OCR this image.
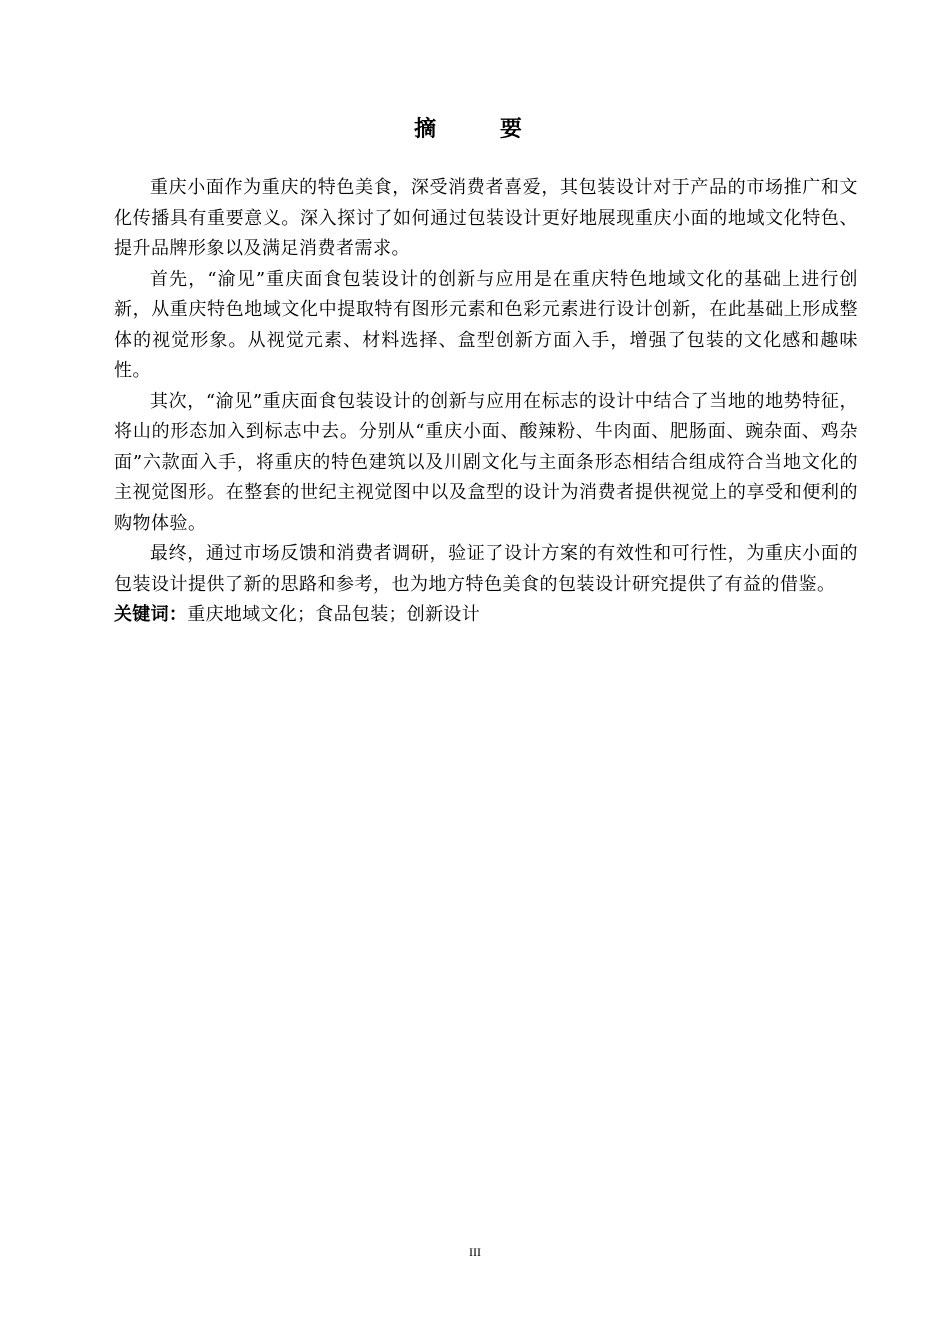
摘 要

重庆小面作为重庆的特色美食，深受消费者喜爱，其包装设计对于产品的市场推广和文化传播具有重要意义。深入探讨了如何通过包装设计更好地展现重庆小面的地域文化特色、提升品牌形象以及满足消费者需求。

首先，“渝见”重庆面食包装设计的创新与应用是在重庆特色地域文化的基础上进行创新，从重庆特色地域文化中提取特有图形元素和色彩元素进行设计创新，在此基础上形成整体的视觉形象。从视觉元素、材料选择、盒型创新方面入手，增强了包装的文化感和趣味性。

其次，“渝见”重庆面食包装设计的创新与应用在标志的设计中结合了当地的地势特征，将山的形态加入到标志中去。分别从“重庆小面、酸辣粉、牛肉面、肥肠面、豌杂面、鸡杂面”六款面入手，将重庆的特色建筑以及川剧文化与主面条形态相结合组成符合当地文化的主视觉图形。在整套的世纪主视觉图中以及盒型的设计为消费者提供视觉上的享受和便利的购物体验。

最终，通过市场反馈和消费者调研，验证了设计方案的有效性和可行性，为重庆小面的包装设计提供了新的思路和参考，也为地方特色美食的包装设计研究提供了有益的借鉴。

关键词：重庆地域文化；食品包装；创新设计

III
